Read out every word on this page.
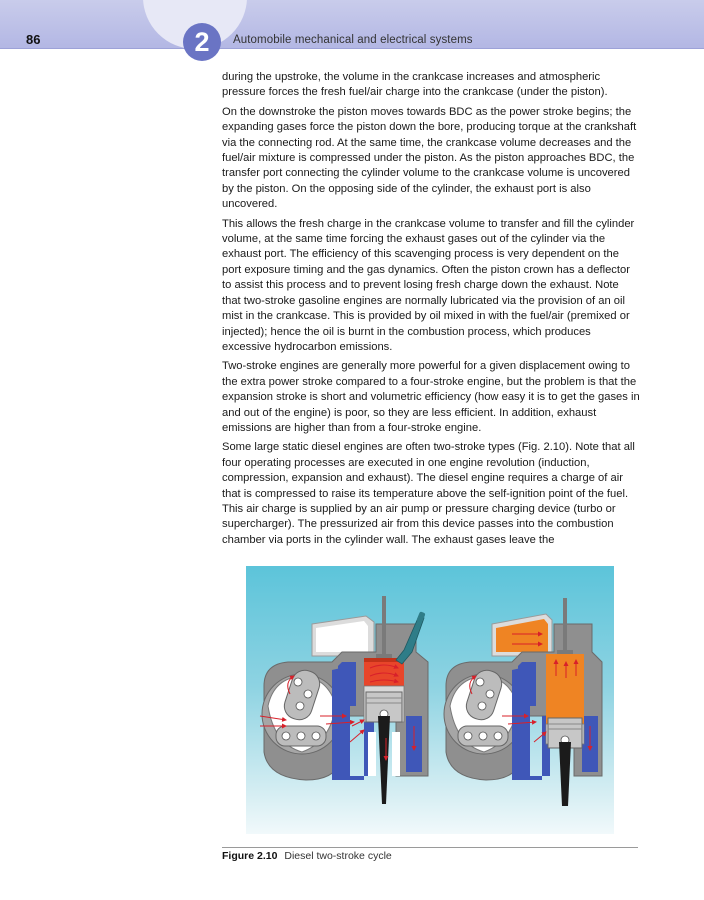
86	2	Automobile mechanical and electrical systems

during the upstroke, the volume in the crankcase increases and atmospheric pressure forces the fresh fuel/air charge into the crankcase (under the piston).

On the downstroke the piston moves towards BDC as the power stroke begins; the expanding gases force the piston down the bore, producing torque at the crankshaft via the connecting rod. At the same time, the crankcase volume decreases and the fuel/air mixture is compressed under the piston. As the piston approaches BDC, the transfer port connecting the cylinder volume to the crankcase volume is uncovered by the piston. On the opposing side of the cylinder, the exhaust port is also uncovered.

This allows the fresh charge in the crankcase volume to transfer and fill the cylinder volume, at the same time forcing the exhaust gases out of the cylinder via the exhaust port. The efficiency of this scavenging process is very dependent on the port exposure timing and the gas dynamics. Often the piston crown has a deflector to assist this process and to prevent losing fresh charge down the exhaust. Note that two-stroke gasoline engines are normally lubricated via the provision of an oil mist in the crankcase. This is provided by oil mixed in with the fuel/air (premixed or injected); hence the oil is burnt in the combustion process, which produces excessive hydrocarbon emissions.

Two-stroke engines are generally more powerful for a given displacement owing to the extra power stroke compared to a four-stroke engine, but the problem is that the expansion stroke is short and volumetric efficiency (how easy it is to get the gases in and out of the engine) is poor, so they are less efficient. In addition, exhaust emissions are higher than from a four-stroke engine.

Some large static diesel engines are often two-stroke types (Fig. 2.10). Note that all four operating processes are executed in one engine revolution (induction, compression, expansion and exhaust). The diesel engine requires a charge of air that is compressed to raise its temperature above the self-ignition point of the fuel. This air charge is supplied by an air pump or pressure charging device (turbo or supercharger). The pressurized air from this device passes into the combustion chamber via ports in the cylinder wall. The exhaust gases leave the

Figure 2.10 Diesel two-stroke cycle
